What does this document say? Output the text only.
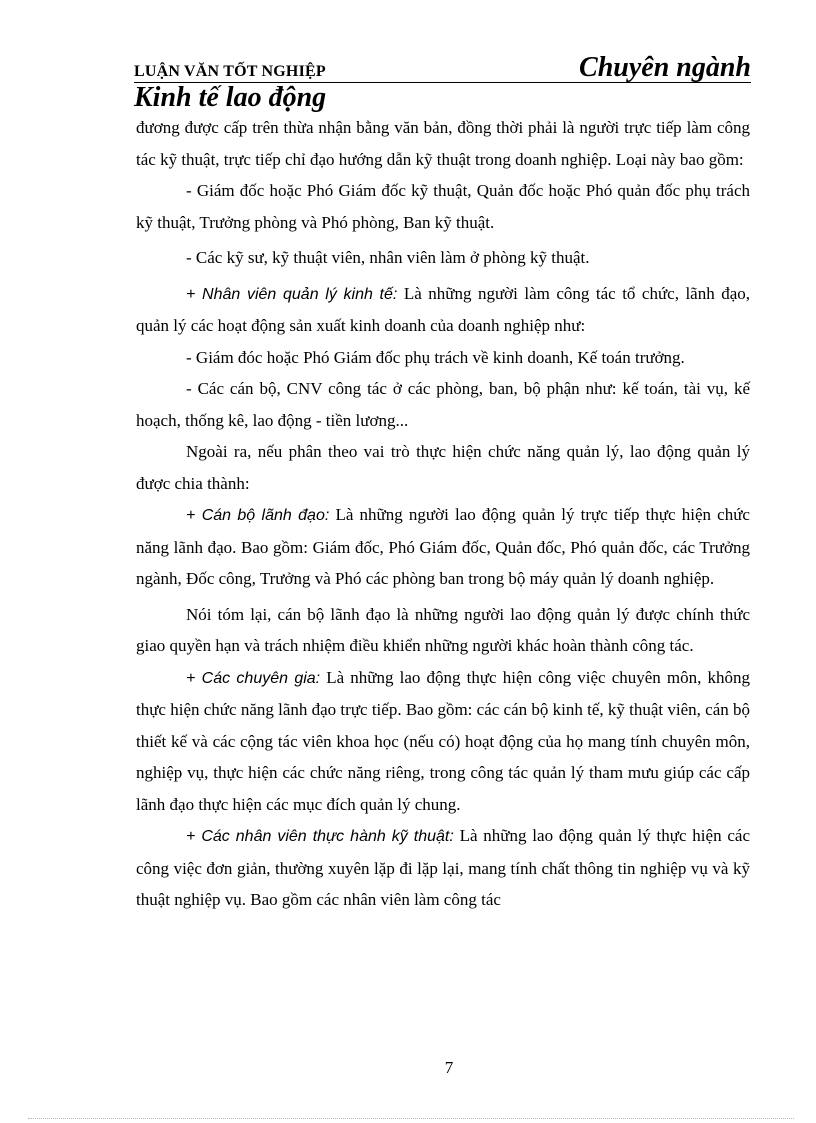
LUẬN VĂN TỐT NGHIỆP	Chuyên ngành
Kinh tế lao động

đương được cấp trên thừa nhận bằng văn bản, đồng thời phải là người trực tiếp làm công tác kỹ thuật, trực tiếp chỉ đạo hướng dẫn kỹ thuật trong doanh nghiệp. Loại này bao gồm:

- Giám đốc hoặc Phó Giám đốc kỹ thuật, Quản đốc hoặc Phó quản đốc phụ trách kỹ thuật, Trưởng phòng và Phó phòng, Ban kỹ thuật.

- Các kỹ sư, kỹ thuật viên, nhân viên làm ở phòng kỹ thuật.

+ Nhân viên quản lý kinh tế: Là những người làm công tác tổ chức, lãnh đạo, quản lý các hoạt động sản xuất kinh doanh của doanh nghiệp như:

- Giám đóc hoặc Phó Giám đốc phụ trách về kinh doanh, Kế toán trưởng.

- Các cán bộ, CNV công tác ở các phòng, ban, bộ phận như: kế toán, tài vụ, kế hoạch, thống kê, lao động - tiền lương...

Ngoài ra, nếu phân theo vai trò thực hiện chức năng quản lý, lao động quản lý được chia thành:

+ Cán bộ lãnh đạo: Là những người lao động quản lý trực tiếp thực hiện chức năng lãnh đạo. Bao gồm: Giám đốc, Phó Giám đốc, Quản đốc, Phó quản đốc, các Trưởng ngành, Đốc công, Trưởng và Phó các phòng ban trong bộ máy quản lý doanh nghiệp.

Nói tóm lại, cán bộ lãnh đạo là những người lao động quản lý được chính thức giao quyền hạn và trách nhiệm điều khiển những người khác hoàn thành công tác.

+ Các chuyên gia: Là những lao động thực hiện công việc chuyên môn, không thực hiện chức năng lãnh đạo trực tiếp. Bao gồm: các cán bộ kinh tế, kỹ thuật viên, cán bộ thiết kế và các cộng tác viên khoa học (nếu có) hoạt động của họ mang tính chuyên môn, nghiệp vụ, thực hiện các chức năng riêng, trong công tác quản lý tham mưu giúp các cấp lãnh đạo thực hiện các mục đích quản lý chung.

+ Các nhân viên thực hành kỹ thuật: Là những lao động quản lý thực hiện các công việc đơn giản, thường xuyên lặp đi lặp lại, mang tính chất thông tin nghiệp vụ và kỹ thuật nghiệp vụ. Bao gồm các nhân viên làm công tác

7
